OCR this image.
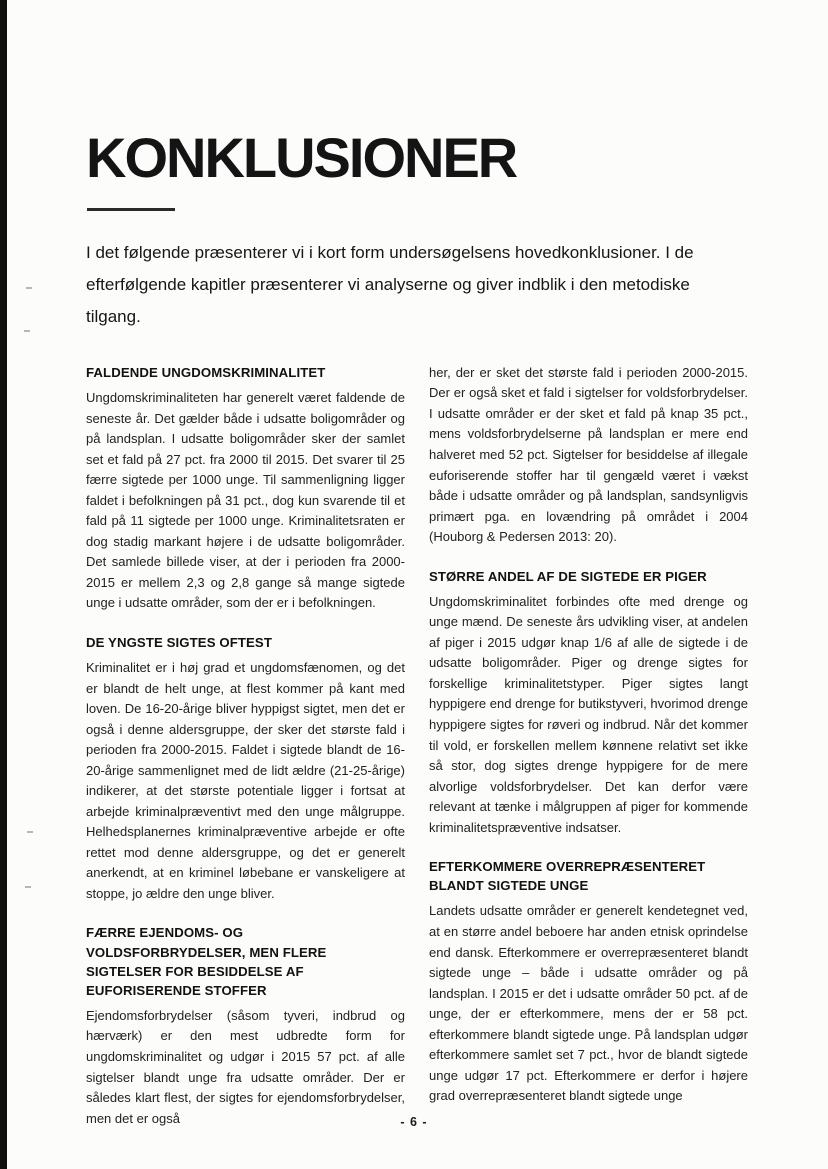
KONKLUSIONER

I det følgende præsenterer vi i kort form undersøgelsens hovedkonklusioner. I de efterfølgende kapitler præsenterer vi analyserne og giver indblik i den metodiske tilgang.

FALDENDE UNGDOMSKRIMINALITET

Ungdomskriminaliteten har generelt været faldende de seneste år. Det gælder både i udsatte boligområder og på landsplan. I udsatte boligområder sker der samlet set et fald på 27 pct. fra 2000 til 2015. Det svarer til 25 færre sigtede per 1000 unge. Til sammenligning ligger faldet i befolkningen på 31 pct., dog kun svarende til et fald på 11 sigtede per 1000 unge. Kriminalitetsraten er dog stadig markant højere i de udsatte boligområder. Det samlede billede viser, at der i perioden fra 2000-2015 er mellem 2,3 og 2,8 gange så mange sigtede unge i udsatte områder, som der er i befolkningen.

DE YNGSTE SIGTES OFTEST

Kriminalitet er i høj grad et ungdomsfænomen, og det er blandt de helt unge, at flest kommer på kant med loven. De 16-20-årige bliver hyppigst sigtet, men det er også i denne aldersgruppe, der sker det største fald i perioden fra 2000-2015. Faldet i sigtede blandt de 16-20-årige sammenlignet med de lidt ældre (21-25-årige) indikerer, at det største potentiale ligger i fortsat at arbejde kriminalpræventivt med den unge målgruppe. Helhedsplanernes kriminalpræventive arbejde er ofte rettet mod denne aldersgruppe, og det er generelt anerkendt, at en kriminel løbebane er vanskeligere at stoppe, jo ældre den unge bliver.

FÆRRE EJENDOMS- OG VOLDSFORBRYDELSER, MEN FLERE SIGTELSER FOR BESIDDELSE AF EUFORISERENDE STOFFER

Ejendomsforbrydelser (såsom tyveri, indbrud og hærværk) er den mest udbredte form for ungdomskriminalitet og udgør i 2015 57 pct. af alle sigtelser blandt unge fra udsatte områder. Der er således klart flest, der sigtes for ejendomsforbrydelser, men det er også

her, der er sket det største fald i perioden 2000-2015. Der er også sket et fald i sigtelser for voldsforbrydelser. I udsatte områder er der sket et fald på knap 35 pct., mens voldsforbrydelserne på landsplan er mere end halveret med 52 pct. Sigtelser for besiddelse af illegale euforiserende stoffer har til gengæld været i vækst både i udsatte områder og på landsplan, sandsynligvis primært pga. en lovændring på området i 2004 (Houborg & Pedersen 2013: 20).

STØRRE ANDEL AF DE SIGTEDE ER PIGER

Ungdomskriminalitet forbindes ofte med drenge og unge mænd. De seneste års udvikling viser, at andelen af piger i 2015 udgør knap 1/6 af alle de sigtede i de udsatte boligområder. Piger og drenge sigtes for forskellige kriminalitetstyper. Piger sigtes langt hyppigere end drenge for butikstyveri, hvorimod drenge hyppigere sigtes for røveri og indbrud. Når det kommer til vold, er forskellen mellem kønnene relativt set ikke så stor, dog sigtes drenge hyppigere for de mere alvorlige voldsforbrydelser. Det kan derfor være relevant at tænke i målgruppen af piger for kommende kriminalitetspræventive indsatser.

EFTERKOMMERE OVERREPRÆSENTERET BLANDT SIGTEDE UNGE

Landets udsatte områder er generelt kendetegnet ved, at en større andel beboere har anden etnisk oprindelse end dansk. Efterkommere er overrepræsenteret blandt sigtede unge – både i udsatte områder og på landsplan. I 2015 er det i udsatte områder 50 pct. af de unge, der er efterkommere, mens der er 58 pct. efterkommere blandt sigtede unge. På landsplan udgør efterkommere samlet set 7 pct., hvor de blandt sigtede unge udgør 17 pct. Efterkommere er derfor i højere grad overrepræsenteret blandt sigtede unge

- 6 -
